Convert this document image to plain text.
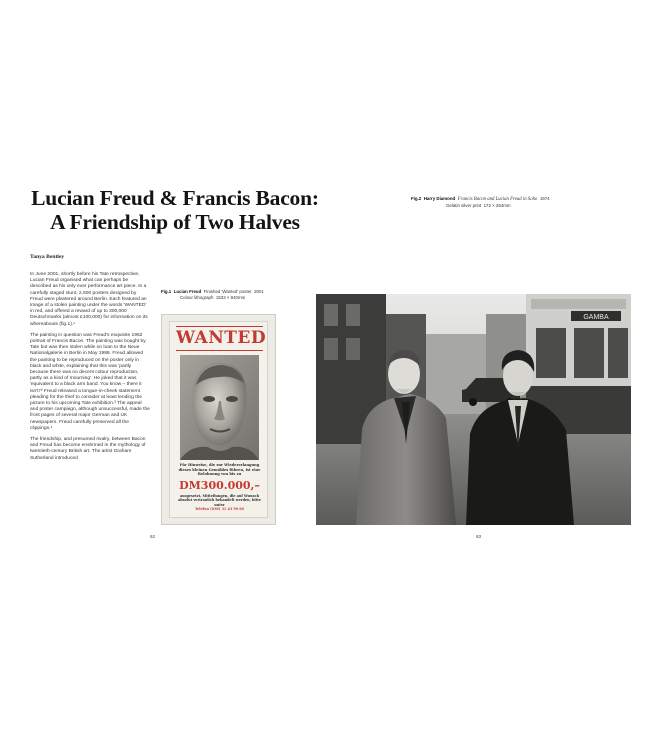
Lucian Freud & Francis Bacon:
A Friendship of Two Halves
Tanya Bentley

In June 2001, shortly before his Tate retrospective, Lucian Freud organised what can perhaps be described as his only ever performance art piece. In a carefully staged stunt, 2,600 posters designed by Freud were plastered around Berlin. Each featured an image of a stolen painting under the words 'WANTED' in red, and offered a reward of up to 300,000 Deutschmarks (almost £100,000) for information on its whereabouts (fig.1).¹

The painting in question was Freud's exquisite 1952 portrait of Francis Bacon. The painting was bought by Tate but was then stolen while on loan to the Neue Nationalgalerie in Berlin in May 1988. Freud allowed the painting to be reproduced on the poster only in black and white, explaining that this was 'partly because there was no decent colour reproduction, partly as a kind of mourning'. He joked that it was 'equivalent to a black arm band. You know – there it isn't!'² Freud released a tongue-in-cheek statement pleading for the thief to consider at least lending the picture to his upcoming Tate exhibition.³ The appeal and poster campaign, although unsuccessful, made the front pages of several major German and UK newspapers. Freud carefully preserved all the clippings.⁴

The friendship, and presumed rivalry, between Bacon and Freud has become enshrined in the mythology of twentieth-century British art. The artist Graham Sutherland introduced

Fig.1 Lucian Freud Finished 'Wanted' poster 2001
Colour lithograph 1533 × 840mm
WANTED
Für Hinweise, die zur Wiedererlangung dieses kleinen Gemäldes führen, ist eine Belohnung von bis zu
DM300.000,–
ausgesetzt. Mitteilungen, die auf Wunsch absolut vertraulich behandelt werden, bitte unter
Telefon (030) 31 43 90 60
Fig.2 Harry Diamond Francis Bacon and Lucian Freud in Soho 1974
Gelatin silver print 172 × 264mm
GAMBA
62	63
